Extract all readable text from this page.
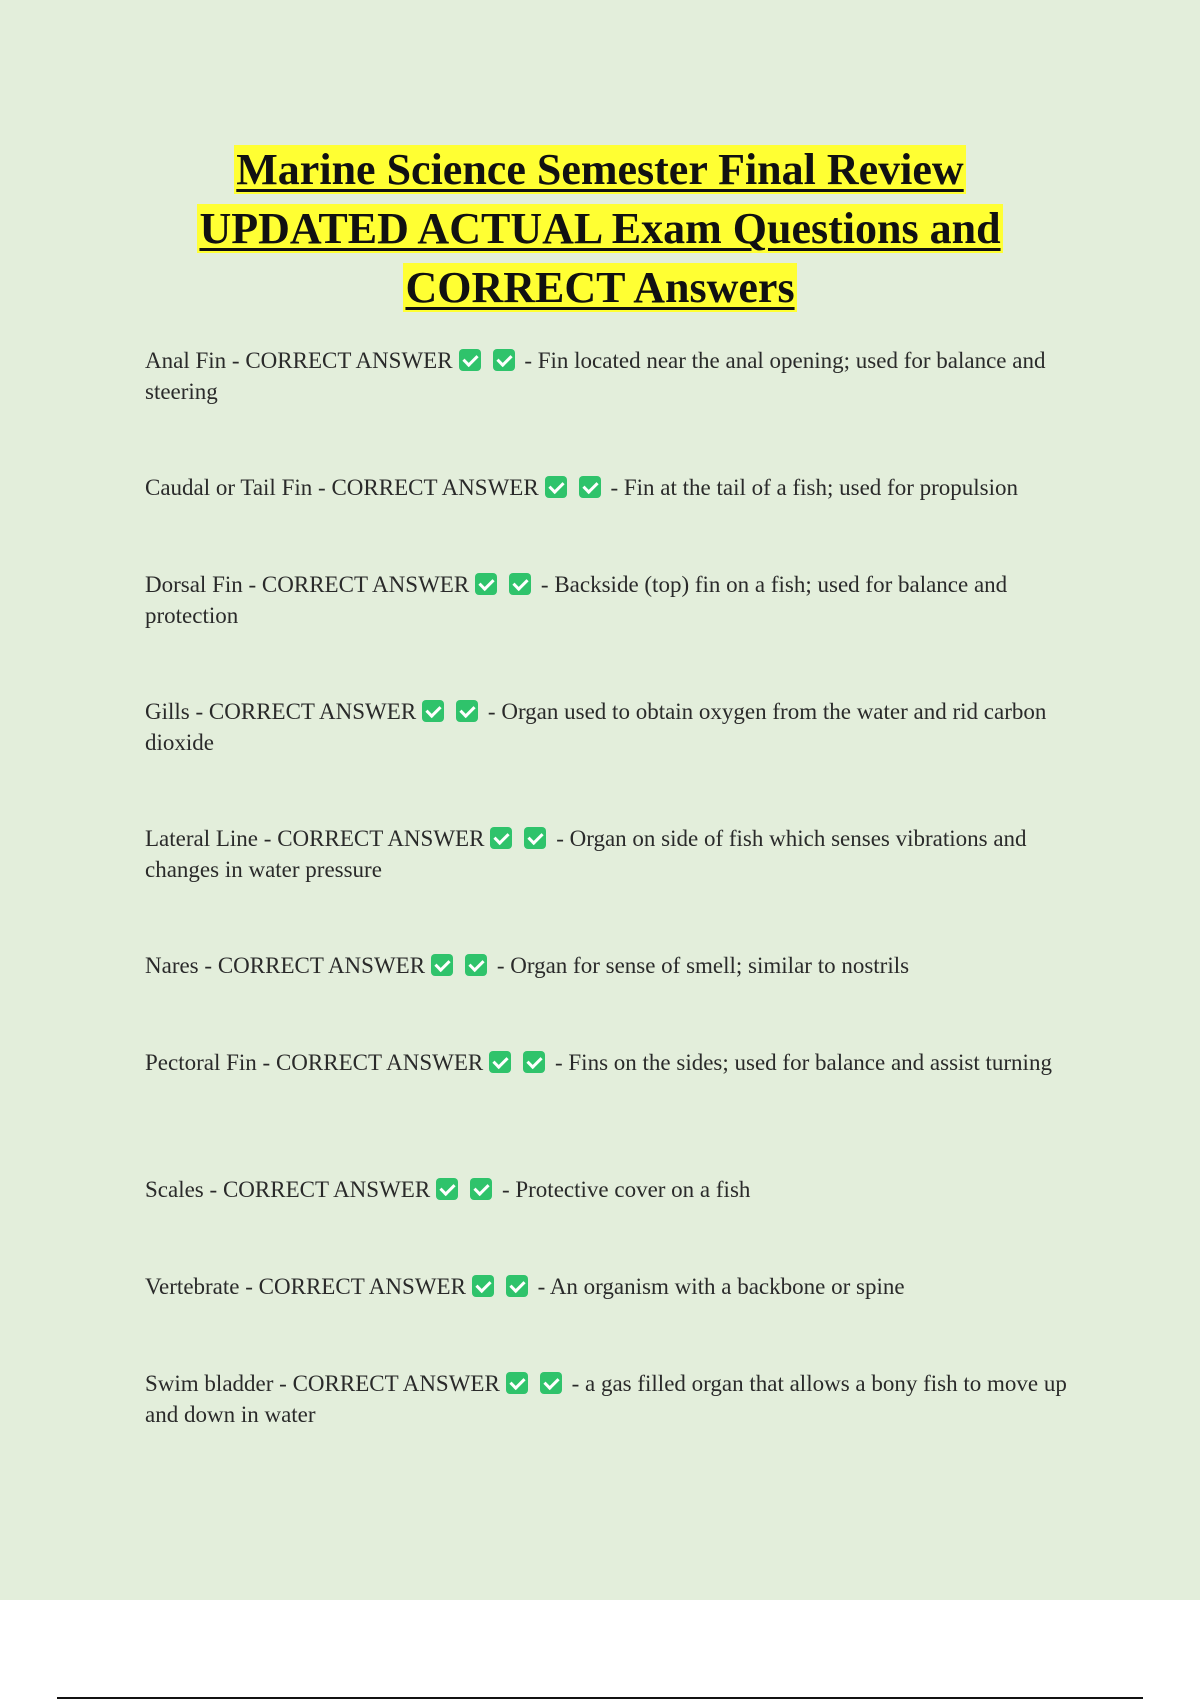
Marine Science Semester Final Review
UPDATED ACTUAL Exam Questions and
CORRECT Answers
Anal Fin - CORRECT ANSWER	- Fin located near the anal opening; used for balance and steering
Caudal or Tail Fin - CORRECT ANSWER	- Fin at the tail of a fish; used for propulsion
Dorsal Fin - CORRECT ANSWER	- Backside (top) fin on a fish; used for balance and protection
Gills - CORRECT ANSWER	- Organ used to obtain oxygen from the water and rid carbon dioxide
Lateral Line - CORRECT ANSWER	- Organ on side of fish which senses vibrations and changes in water pressure
Nares - CORRECT ANSWER	- Organ for sense of smell; similar to nostrils
Pectoral Fin - CORRECT ANSWER	- Fins on the sides; used for balance and assist turning
Scales - CORRECT ANSWER	- Protective cover on a fish
Vertebrate - CORRECT ANSWER	- An organism with a backbone or spine
Swim bladder - CORRECT ANSWER	- a gas filled organ that allows a bony fish to move up and down in water
